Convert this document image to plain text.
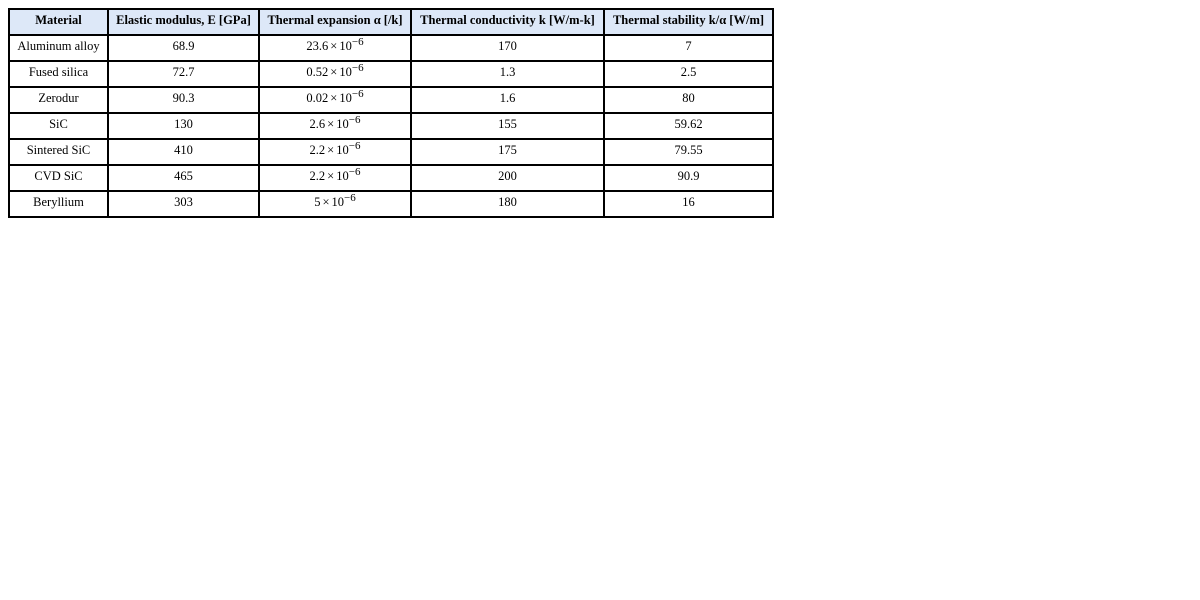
Material	Elastic modulus, E [GPa]	Thermal expansion α [/k]	Thermal conductivity k [W/m-k]	Thermal stability k/α [W/m]
Aluminum alloy	68.9	$23.6 \times 10^{-6}$	170	7
Fused silica	72.7	$0.52 \times 10^{-6}$	1.3	2.5
Zerodur	90.3	$0.02 \times 10^{-6}$	1.6	80
SiC	130	$2.6 \times 10^{-6}$	155	59.62
Sintered SiC	410	$2.2 \times 10^{-6}$	175	79.55
CVD SiC	465	$2.2 \times 10^{-6}$	200	90.9
Beryllium	303	$5 \times 10^{-6}$	180	16
